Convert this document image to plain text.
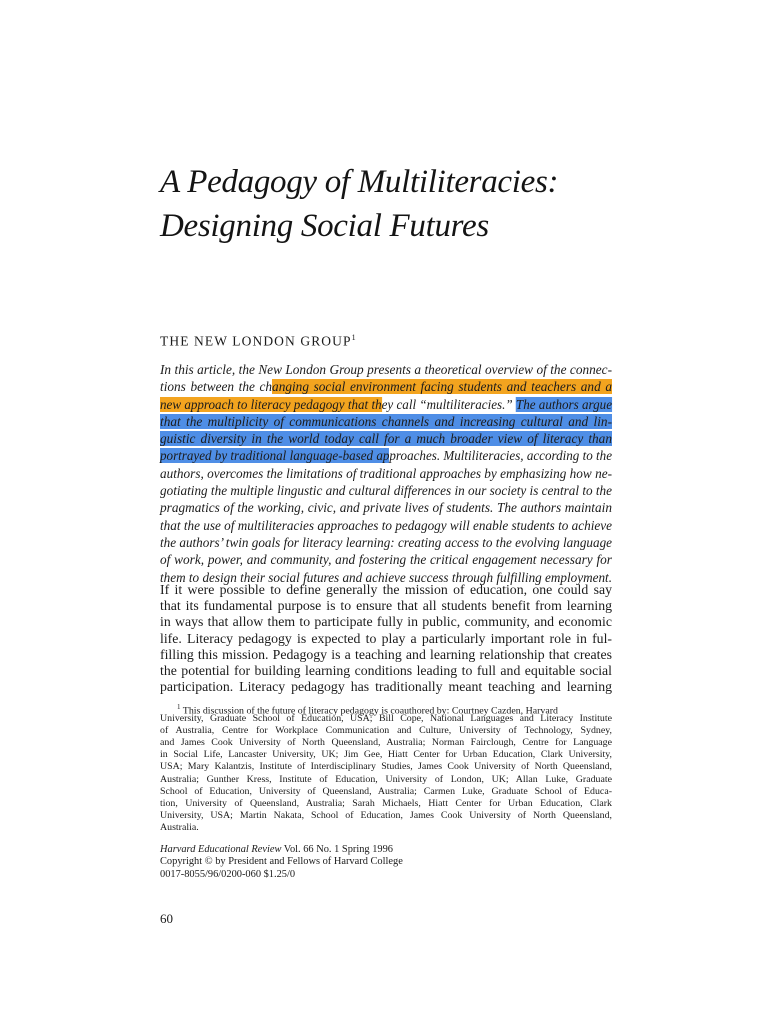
A Pedagogy of Multiliteracies:
Designing Social Futures
THE NEW LONDON GROUP$^1$
In this article, the New London Group presents a theoretical overview of the connec-
tions between the changing social environment facing students and teachers and a
new approach to literacy pedagogy that they call “multiliteracies.” The authors argue
that the multiplicity of communications channels and increasing cultural and lin-
guistic diversity in the world today call for a much broader view of literacy than
portrayed by traditional language-based approaches. Multiliteracies, according to the
authors, overcomes the limitations of traditional approaches by emphasizing how ne-
gotiating the multiple lingustic and cultural differences in our society is central to the
pragmatics of the working, civic, and private lives of students. The authors maintain
that the use of multiliteracies approaches to pedagogy will enable students to achieve
the authors’ twin goals for literacy learning: creating access to the evolving language
of work, power, and community, and fostering the critical engagement necessary for
them to design their social futures and achieve success through fulfilling employment.
If it were possible to define generally the mission of education, one could say
that its fundamental purpose is to ensure that all students benefit from learning
in ways that allow them to participate fully in public, community, and economic
life. Literacy pedagogy is expected to play a particularly important role in ful-
filling this mission. Pedagogy is a teaching and learning relationship that creates
the potential for building learning conditions leading to full and equitable social
participation. Literacy pedagogy has traditionally meant teaching and learning
$^1$ This discussion of the future of literacy pedagogy is coauthored by: Courtney Cazden, Harvard
University, Graduate School of Education, USA; Bill Cope, National Languages and Literacy Institute
of Australia, Centre for Workplace Communication and Culture, University of Technology, Sydney,
and James Cook University of North Queensland, Australia; Norman Fairclough, Centre for Language
in Social Life, Lancaster University, UK; Jim Gee, Hiatt Center for Urban Education, Clark University,
USA; Mary Kalantzis, Institute of Interdisciplinary Studies, James Cook University of North Queensland,
Australia; Gunther Kress, Institute of Education, University of London, UK; Allan Luke, Graduate
School of Education, University of Queensland, Australia; Carmen Luke, Graduate School of Educa-
tion, University of Queensland, Australia; Sarah Michaels, Hiatt Center for Urban Education, Clark
University, USA; Martin Nakata, School of Education, James Cook University of North Queensland,
Australia.
Harvard Educational Review Vol. 66 No. 1 Spring 1996
Copyright © by President and Fellows of Harvard College
0017-8055/96/0200-060 $1.25/0
60
